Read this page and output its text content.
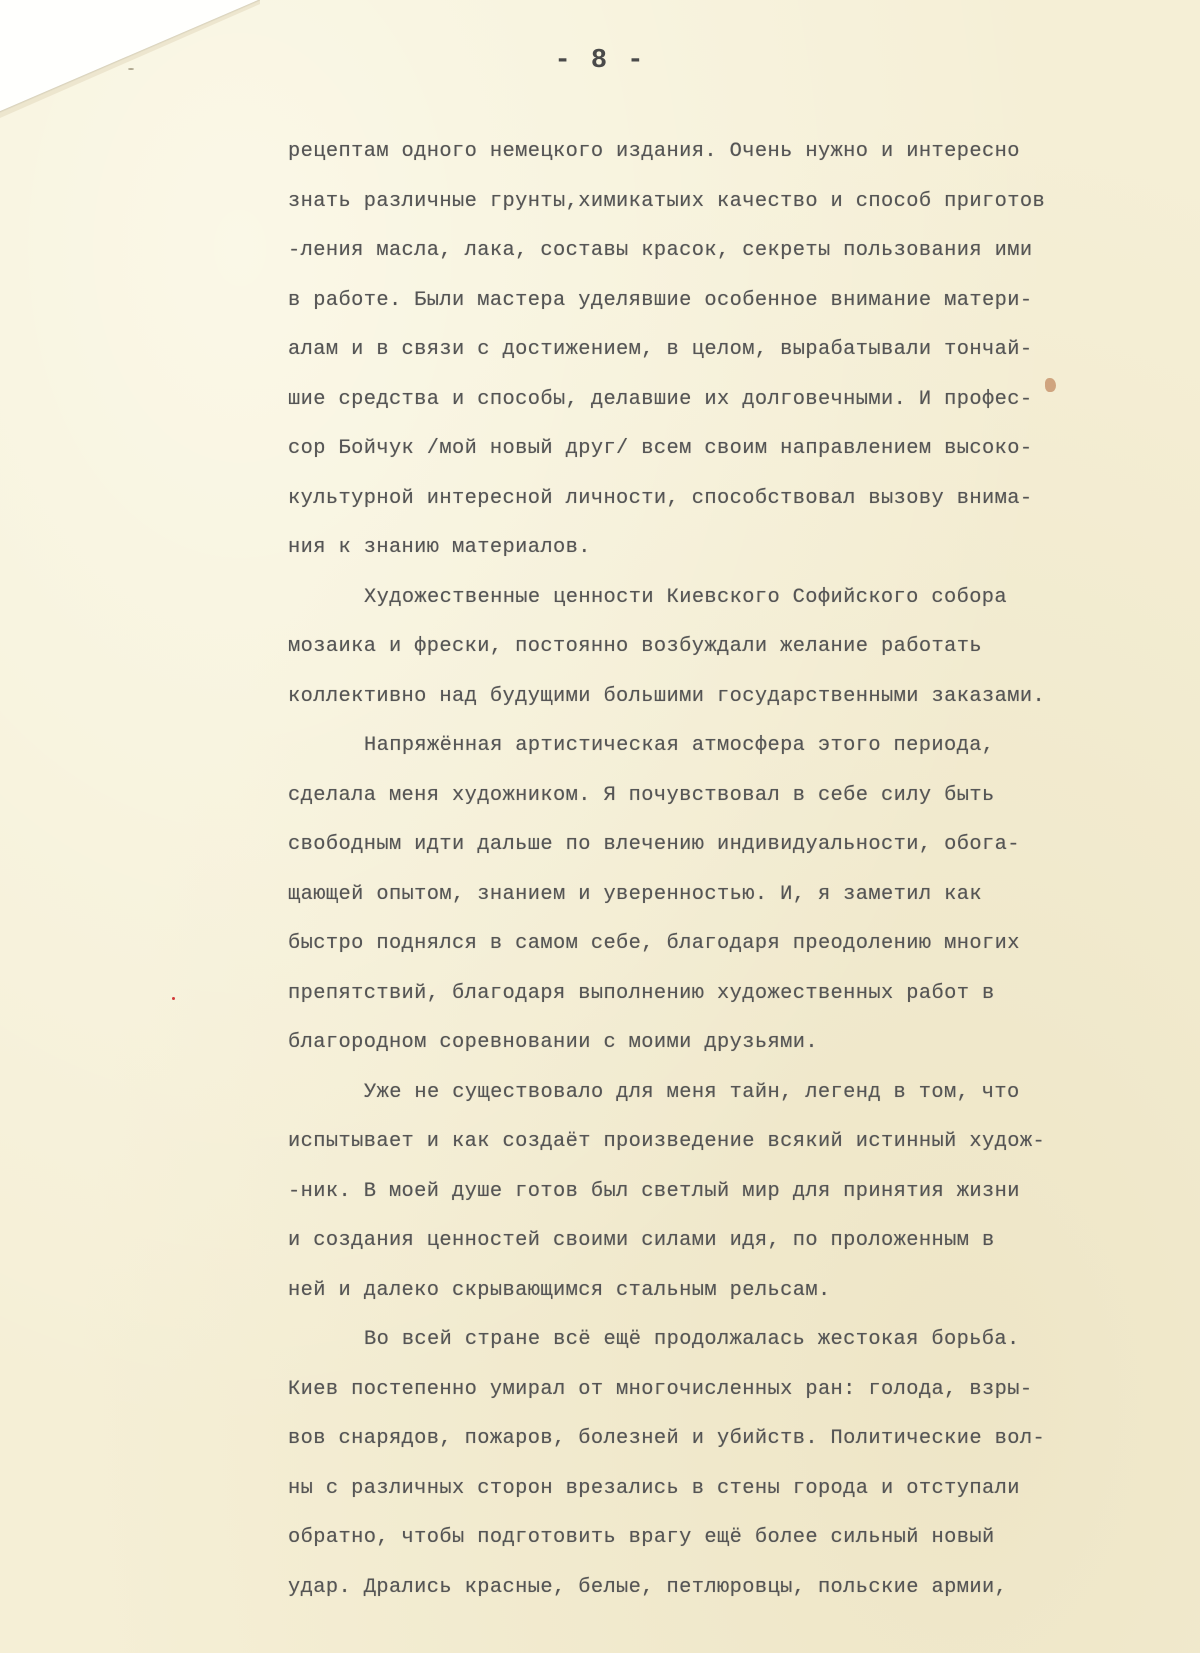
- 8 -
рецептам одного немецкого издания. Очень нужно и интересно
знать различные грунты,химикатыих качество и способ приготов
-ления масла, лака, составы красок, секреты пользования ими
в работе. Были мастера уделявшие особенное внимание матери-
алам и в связи с достижением, в целом, вырабатывали тончай-
шие средства и способы, делавшие их долговечными. И профес-
сор Бойчук /мой новый друг/ всем своим направлением высоко-
культурной интересной личности, способствовал вызову внима-
ния к знанию материалов.
Художественные ценности Киевского Софийского собора
мозаика и фрески, постоянно возбуждали желание работать
коллективно над будущими большими государственными заказами.
Напряжённая артистическая атмосфера этого периода,
сделала меня художником. Я почувствовал в себе силу быть
свободным идти дальше по влечению индивидуальности, обога-
щающей опытом, знанием и уверенностью. И, я заметил как
быстро поднялся в самом себе, благодаря преодолению многих
препятствий, благодаря выполнению художественных работ в
благородном соревновании с моими друзьями.
Уже не существовало для меня тайн, легенд в том, что
испытывает и как создаёт произведение всякий истинный худож-
-ник. В моей душе готов был светлый мир для принятия жизни
и создания ценностей своими силами идя, по проложенным в
ней и далеко скрывающимся стальным рельсам.
Во всей стране всё ещё продолжалась жестокая борьба.
Киев постепенно умирал от многочисленных ран: голода, взры-
вов снарядов, пожаров, болезней и убийств. Политические вол-
ны с различных сторон врезались в стены города и отступали
обратно, чтобы подготовить врагу ещё более сильный новый
удар. Дрались красные, белые, петлюровцы, польские армии,
